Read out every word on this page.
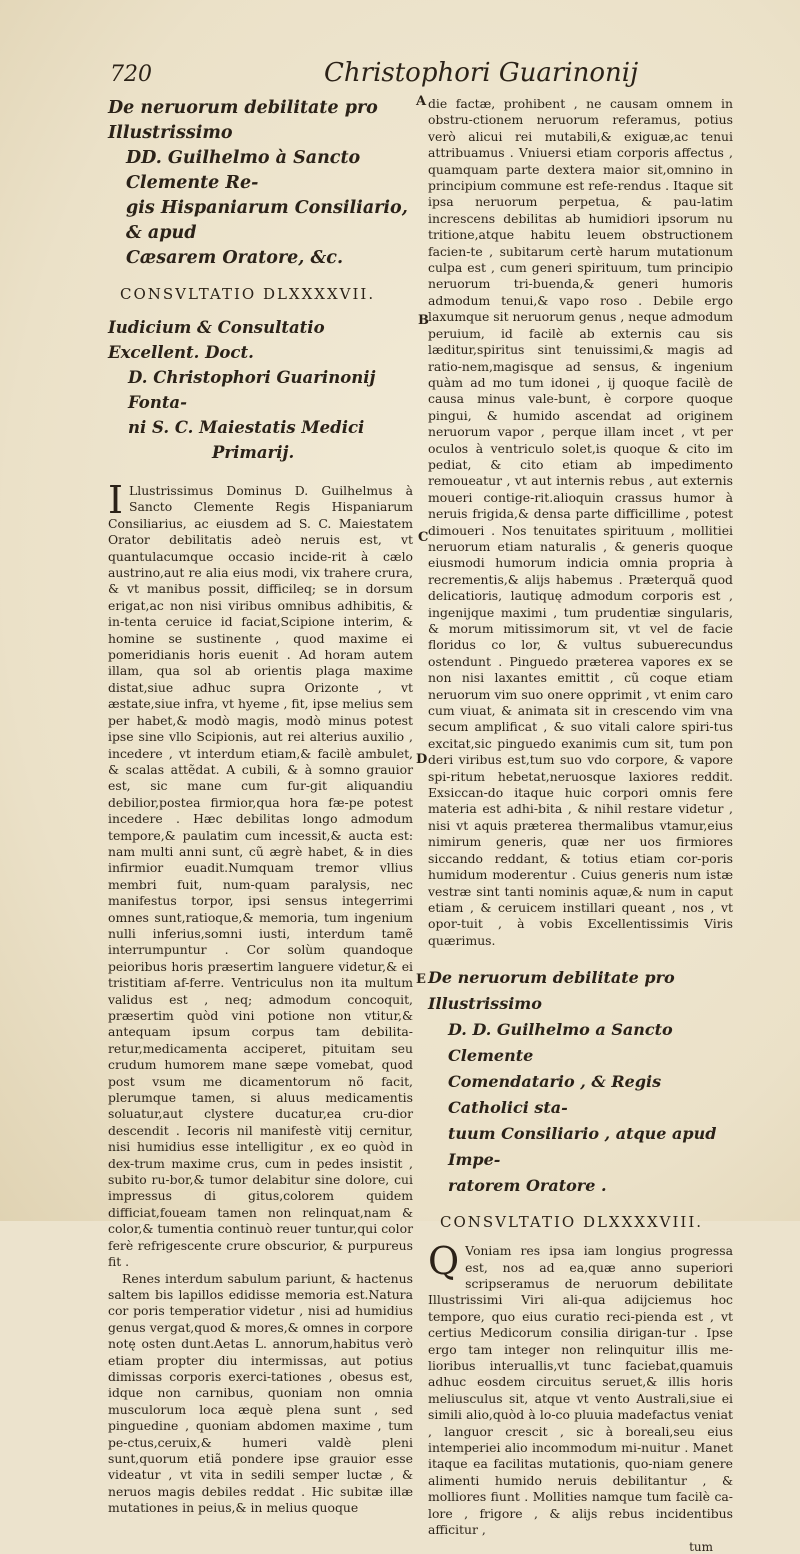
720	Christophori Guarinonij
A
B
C
D
E

De neruorum debilitate pro Illustrissimo

DD. Guilhelmo à Sancto Clemente Re-

gis Hispaniarum Consiliario, & apud

Cæsarem Oratore, &c.

CONSVLTATIO DLXXXXVII.

Iudicium & Consultatio Excellent. Doct.

D. Christophori Guarinonij Fonta-

ni S. C. Maiestatis Medici

Primarij.

I Llustrissimus Dominus D. Guilhelmus à Sancto Clemente Regis Hispaniarum Consiliarius, ac eiusdem ad S. C. Maiestatem Orator debilitatis adeò neruis est, vt quantulacumque occasio incide-rit à cælo austrino,aut re alia eius modi, vix trahere crura, & vt manibus possit, difficileq; se in dorsum erigat,ac non nisi viribus omnibus adhibitis, & in-tenta ceruice id faciat,Scipione interim, & homine se sustinente , quod maxime ei pomeridianis horis euenit . Ad horam autem illam, qua sol ab orientis plaga maxime distat,siue adhuc supra Orizonte , vt æstate,siue infra, vt hyeme , fit, ipse melius sem per habet,& modò magis, modò minus potest ipse sine vllo Scipionis, aut rei alterius auxilio , incedere , vt interdum etiam,& facilè ambulet, & scalas attẽdat. A cubili, & à somno grauior est, sic mane cum fur-git aliquandiu debilior,postea firmior,qua hora fæ-pe potest incedere . Hæc debilitas longo admodum tempore,& paulatim cum incessit,& aucta est: nam multi anni sunt, cũ ægrè habet, & in dies infirmior euadit.Numquam tremor vllius membri fuit, num-quam paralysis, nec manifestus torpor, ipsi sensus integerrimi omnes sunt,ratioque,& memoria, tum ingenium nulli inferius,somni iusti, interdum tamẽ interrumpuntur . Cor solùm quandoque peioribus horis præsertim languere videtur,& ei tristitiam af-ferre. Ventriculus non ita multum validus est , neq; admodum concoquit, præsertim quòd vini potione non vtitur,& antequam ipsum corpus tam debilita-retur,medicamenta acciperet, pituitam seu crudum humorem mane sæpe vomebat, quod post vsum me dicamentorum nõ facit, plerumque tamen, si aluus medicamentis soluatur,aut clystere ducatur,ea cru-dior descendit . Iecoris nil manifestè vitij cernitur, nisi humidius esse intelligitur , ex eo quòd in dex-trum maxime crus, cum in pedes insistit , subito ru-bor,& tumor delabitur sine dolore, cui impressus di gitus,colorem quidem difficiat,foueam tamen non relinquat,nam & color,& tumentia continuò reuer tuntur,qui color ferè refrigescente crure obscurior, & purpureus fit .

Renes interdum sabulum pariunt, & hactenus saltem bis lapillos edidisse memoria est.Natura cor poris temperatior videtur , nisi ad humidius genus vergat,quod & mores,& omnes in corpore notę osten dunt.Aetas L. annorum,habitus verò etiam propter diu intermissas, aut potius dimissas corporis exerci-tationes , obesus est, idque non carnibus, quoniam non omnia musculorum loca æquè plena sunt , sed pinguedine , quoniam abdomen maxime , tum pe-ctus,ceruix,& humeri valdè pleni sunt,quorum etiã pondere ipse grauior esse videatur , vt vita in sedili semper luctæ , & neruos magis debiles reddat . Hic subitæ illæ mutationes in peius,& in melius quoque

die factæ, prohibent , ne causam omnem in obstru-ctionem neruorum referamus, potius verò alicui rei mutabili,& exiguæ,ac tenui attribuamus . Vniuersi etiam corporis affectus , quamquam parte dextera maior sit,omnino in principium commune est refe-rendus . Itaque sit ipsa neruorum perpetua, & pau-latim increscens debilitas ab humidiori ipsorum nu tritione,atque habitu leuem obstructionem facien-te , subitarum certè harum mutationum culpa est , cum generi spirituum, tum principio neruorum tri-buenda,& generi humoris admodum tenui,& vapo roso . Debile ergo laxumque sit neruorum genus , neque admodum peruium, id facilè ab externis cau sis læditur,spiritus sint tenuissimi,& magis ad ratio-nem,magisque ad sensus, & ingenium quàm ad mo tum idonei , ij quoque facilè de causa minus vale-bunt, è corpore quoque pingui, & humido ascendat ad originem neruorum vapor , perque illam incet , vt per oculos à ventriculo solet,is quoque & cito im pediat, & cito etiam ab impedimento remoueatur , vt aut internis rebus , aut externis moueri contige-rit.alioquin crassus humor à neruis frigida,& densa parte difficillime , potest dimoueri . Nos tenuitates spirituum , mollitiei neruorum etiam naturalis , & generis quoque eiusmodi humorum indicia omnia propria à recrementis,& alijs habemus . Præterquã quod delicatioris, lautiquę admodum corporis est , ingenijque maximi , tum prudentiæ singularis, & morum mitissimorum sit, vt vel de facie floridus co lor, & vultus subuerecundus ostendunt . Pinguedo præterea vapores ex se non nisi laxantes emittit , cũ coque etiam neruorum vim suo onere opprimit , vt enim caro cum viuat, & animata sit in crescendo vim vna secum amplificat , & suo vitali calore spiri-tus excitat,sic pinguedo exanimis cum sit, tum pon deri viribus est,tum suo vdo corpore, & vapore spi-ritum hebetat,neruosque laxiores reddit. Exsiccan-do itaque huic corpori omnis fere materia est adhi-bita , & nihil restare videtur , nisi vt aquis præterea thermalibus vtamur,eius nimirum generis, quæ ner uos firmiores siccando reddant, & totius etiam cor-poris humidum moderentur . Cuius generis num istæ vestræ sint tanti nominis aquæ,& num in caput etiam , & ceruicem instillari queant , nos , vt opor-tuit , à vobis Excellentissimis Viris quærimus.

De neruorum debilitate pro Illustrissimo

D. D. Guilhelmo a Sancto Clemente

Comendatario , & Regis Catholici sta-

tuum Consiliario , atque apud Impe-

ratorem Oratore .

CONSVLTATIO DLXXXXVIII.

Q Voniam res ipsa iam longius progressa est, nos ad ea,quæ anno superiori scripseramus de neruorum debilitate Illustrissimi Viri ali-qua adijciemus hoc tempore, quo eius curatio reci-pienda est , vt certius Medicorum consilia dirigan-tur . Ipse ergo tam integer non relinquitur illis me-lioribus interuallis,vt tunc faciebat,quamuis adhuc eosdem circuitus seruet,& illis horis meliusculus sit, atque vt vento Australi,siue ei simili alio,quòd à lo-co pluuia madefactus veniat , languor crescit , sic à boreali,seu eius intemperiei alio incommodum mi-nuitur . Manet itaque ea facilitas mutationis, quo-niam genere alimenti humido neruis debilitantur , & molliores fiunt . Mollities namque tum facilè ca-lore , frigore , & alijs rebus incidentibus afficitur ,

tum
